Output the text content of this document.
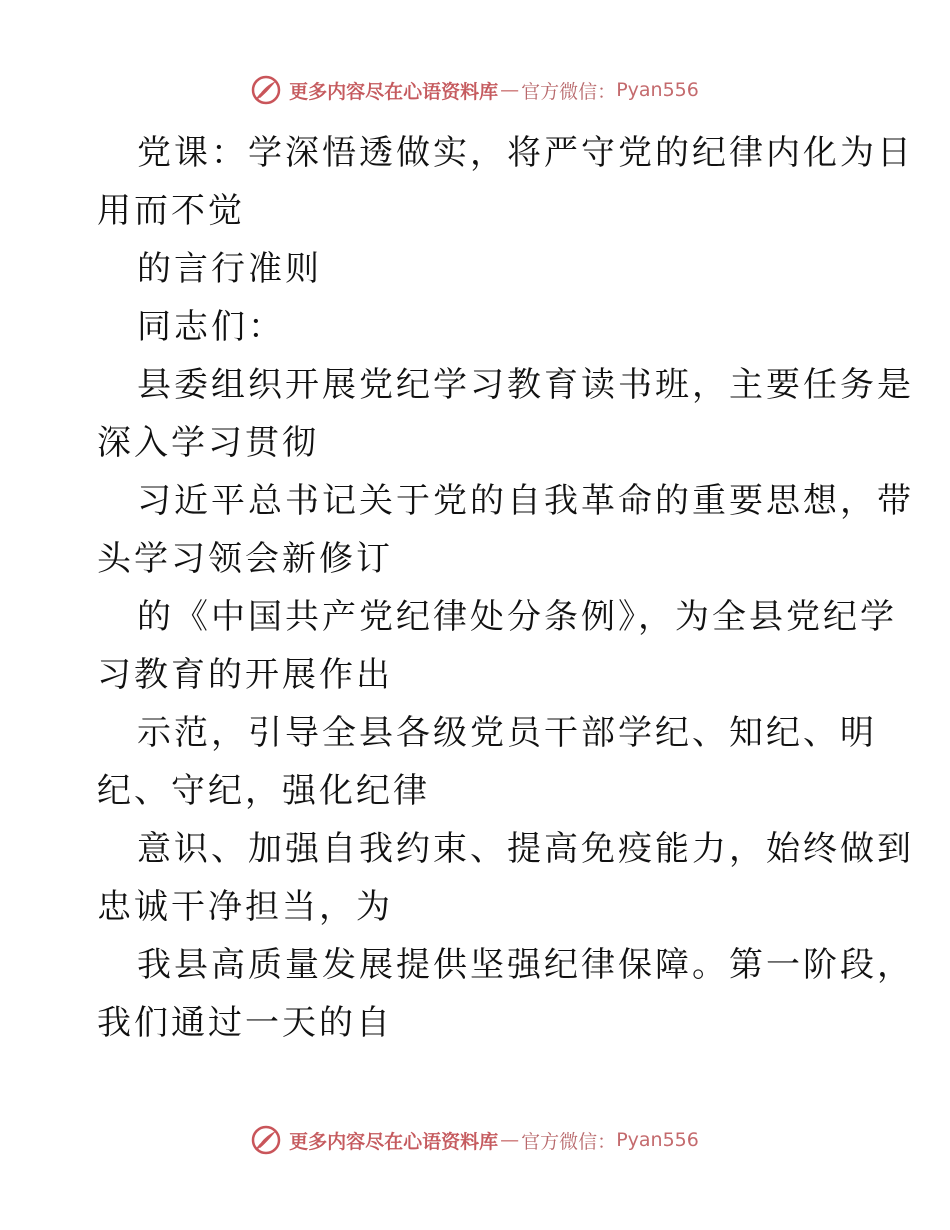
更多内容尽在心语资料库 — 官方微信： Pyan556
党课：学深悟透做实，将严守党的纪律内化为日
用而不觉
的言行准则
同志们：
县委组织开展党纪学习教育读书班，主要任务是
深入学习贯彻
习近平总书记关于党的自我革命的重要思想，带
头学习领会新修订
的《中国共产党纪律处分条例》，为全县党纪学
习教育的开展作出
示范，引导全县各级党员干部学纪、知纪、明
纪、守纪，强化纪律
意识、加强自我约束、提高免疫能力，始终做到
忠诚干净担当，为
我县高质量发展提供坚强纪律保障。第一阶段，
我们通过一天的自
更多内容尽在心语资料库 — 官方微信： Pyan556
